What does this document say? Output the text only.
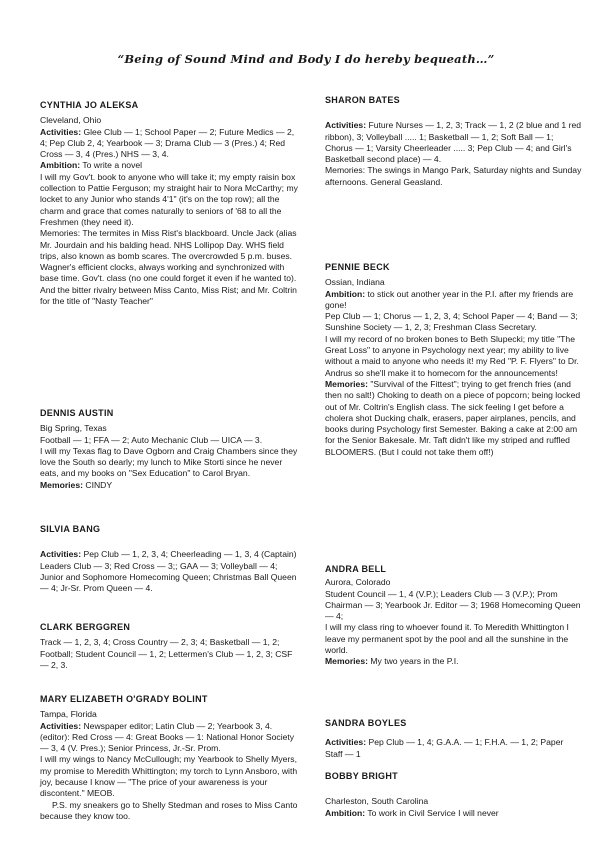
“Being of Sound Mind and Body I do hereby bequeath…”
CYNTHIA JO ALEKSA

Cleveland, Ohio

Activities: Glee Club — 1; School Paper — 2; Future Medics — 2, 4; Pep Club 2, 4; Yearbook — 3; Drama Club — 3 (Pres.) 4; Red Cross — 3, 4 (Pres.) NHS — 3, 4.

Ambition: To write a novel

I will my Gov't. book to anyone who will take it; my empty raisin box collection to Pattie Ferguson; my straight hair to Nora McCarthy; my locket to any Junior who stands 4'1" (it's on the top row); all the charm and grace that comes naturally to seniors of '68 to all the Freshmen (they need it).

Memories: The termites in Miss Rist's blackboard. Uncle Jack (alias Mr. Jourdain and his balding head. NHS Lollipop Day. WHS field trips, also known as bomb scares. The overcrowded 5 p.m. buses. Wagner's efficient clocks, always working and synchronized with base time. Gov't. class (no one could forget it even if he wanted to). And the bitter rivalry between Miss Canto, Miss Rist; and Mr. Coltrin for the title of "Nasty Teacher"

DENNIS AUSTIN

Big Spring, Texas

Football — 1; FFA — 2; Auto Mechanic Club — UICA — 3.

I will my Texas flag to Dave Ogborn and Craig Chambers since they love the South so dearly; my lunch to Mike Storti since he never eats, and my books on "Sex Education" to Carol Bryan.

Memories: CINDY

SILVIA BANG

Activities: Pep Club — 1, 2, 3, 4; Cheerleading — 1, 3, 4 (Captain) Leaders Club — 3; Red Cross — 3;; GAA — 3; Volleyball — 4; Junior and Sophomore Homecoming Queen; Christmas Ball Queen — 4; Jr-Sr. Prom Queen — 4.

CLARK BERGGREN

Track — 1, 2, 3, 4; Cross Country — 2, 3; 4; Basketball — 1, 2; Football; Student Council — 1, 2; Lettermen's Club — 1, 2, 3; CSF — 2, 3.

MARY ELIZABETH O'GRADY BOLINT

Tampa, Florida

Activities: Newspaper editor; Latin Club — 2; Yearbook 3, 4. (editor): Red Cross — 4: Great Books — 1: National Honor Society — 3, 4 (V. Pres.); Senior Princess, Jr.-Sr. Prom.

I will my wings to Nancy McCullough; my Yearbook to Shelly Myers, my promise to Meredith Whittington; my torch to Lynn Ansboro, with joy, because I know — "The price of your awareness is your discontent." MEOB.

P.S. my sneakers go to Shelly Stedman and roses to Miss Canto because they know too.

SHARON BATES

Activities: Future Nurses — 1, 2, 3; Track — 1, 2 (2 blue and 1 red ribbon), 3; Volleyball ..... 1; Basketball — 1, 2; Soft Ball — 1; Chorus — 1; Varsity Cheerleader ..... 3; Pep Club — 4; and Girl's Basketball second place) — 4.

Memories: The swings in Mango Park, Saturday nights and Sunday afternoons. General Geasland.

PENNIE BECK

Ossian, Indiana

Ambition: to stick out another year in the P.I. after my friends are gone!

Pep Club — 1; Chorus — 1, 2, 3, 4; School Paper — 4; Band — 3; Sunshine Society — 1, 2, 3; Freshman Class Secretary.

I will my record of no broken bones to Beth Slupecki; my title "The Great Loss" to anyone in Psychology next year; my ability to live without a maid to anyone who needs it! my Red "P. F. Flyers" to Dr. Andrus so she'll make it to homecom for the announcements!

Memories: "Survival of the Fittest"; trying to get french fries (and then no salt!) Choking to death on a piece of popcorn; being locked out of Mr. Coltrin's English class. The sick feeling I get before a cholera shot Ducking chalk, erasers, paper airplanes, pencils, and books during Psychology first Semester. Baking a cake at 2:00 am for the Senior Bakesale. Mr. Taft didn't like my striped and ruffled BLOOMERS. (But I could not take them off!)

ANDRA BELL

Aurora, Colorado

Student Council — 1, 4 (V.P.); Leaders Club — 3 (V.P.); Prom Chairman — 3; Yearbook Jr. Editor — 3; 1968 Homecoming Queen — 4;

I will my class ring to whoever found it. To Meredith Whittington I leave my permanent spot by the pool and all the sunshine in the world.

Memories: My two years in the P.I.

SANDRA BOYLES

Activities: Pep Club — 1, 4; G.A.A. — 1; F.H.A. — 1, 2; Paper Staff — 1

BOBBY BRIGHT

Charleston, South Carolina

Ambition: To work in Civil Service I will never
